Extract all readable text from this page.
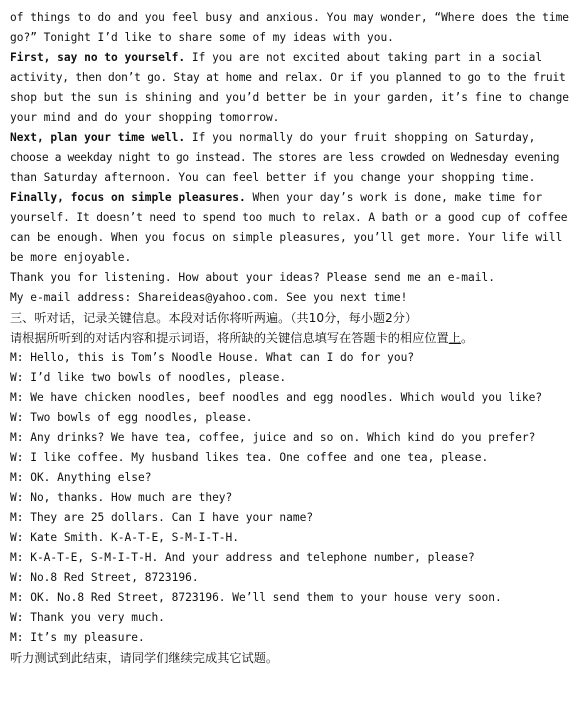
of things to do and you feel busy and anxious. You may wonder, “Where does the time
go?” Tonight I’d like to share some of my ideas with you.
First, say no to yourself. If you are not excited about taking part in a social
activity, then don’t go. Stay at home and relax. Or if you planned to go to the fruit
shop but the sun is shining and you’d better be in your garden, it’s fine to change
your mind and do your shopping tomorrow.
Next, plan your time well. If you normally do your fruit shopping on Saturday,
choose a weekday night to go instead. The stores are less crowded on Wednesday evening
than Saturday afternoon. You can feel better if you change your shopping time.
Finally, focus on simple pleasures. When your day’s work is done, make time for
yourself. It doesn’t need to spend too much to relax. A bath or a good cup of coffee
can be enough. When you focus on simple pleasures, you’ll get more. Your life will
be more enjoyable.
Thank you for listening. How about your ideas? Please send me an e-mail.
My e-mail address: Shareideas@yahoo.com. See you next time!
三、听对话，记录关键信息。本段对话你将听两遍。（共10分，每小题2分）
请根据所听到的对话内容和提示词语，将所缺的关键信息填写在答题卡的相应位置上。
M: Hello, this is Tom’s Noodle House. What can I do for you?
W: I’d like two bowls of noodles, please.
M: We have chicken noodles, beef noodles and egg noodles. Which would you like?
W: Two bowls of egg noodles, please.
M: Any drinks? We have tea, coffee, juice and so on. Which kind do you prefer?
W: I like coffee. My husband likes tea. One coffee and one tea, please.
M: OK. Anything else?
W: No, thanks. How much are they?
M: They are 25 dollars. Can I have your name?
W: Kate Smith. K-A-T-E, S-M-I-T-H.
M: K-A-T-E, S-M-I-T-H. And your address and telephone number, please?
W: No.8 Red Street, 8723196.
M: OK. No.8 Red Street, 8723196. We’ll send them to your house very soon.
W: Thank you very much.
M: It’s my pleasure.
听力测试到此结束，请同学们继续完成其它试题。
